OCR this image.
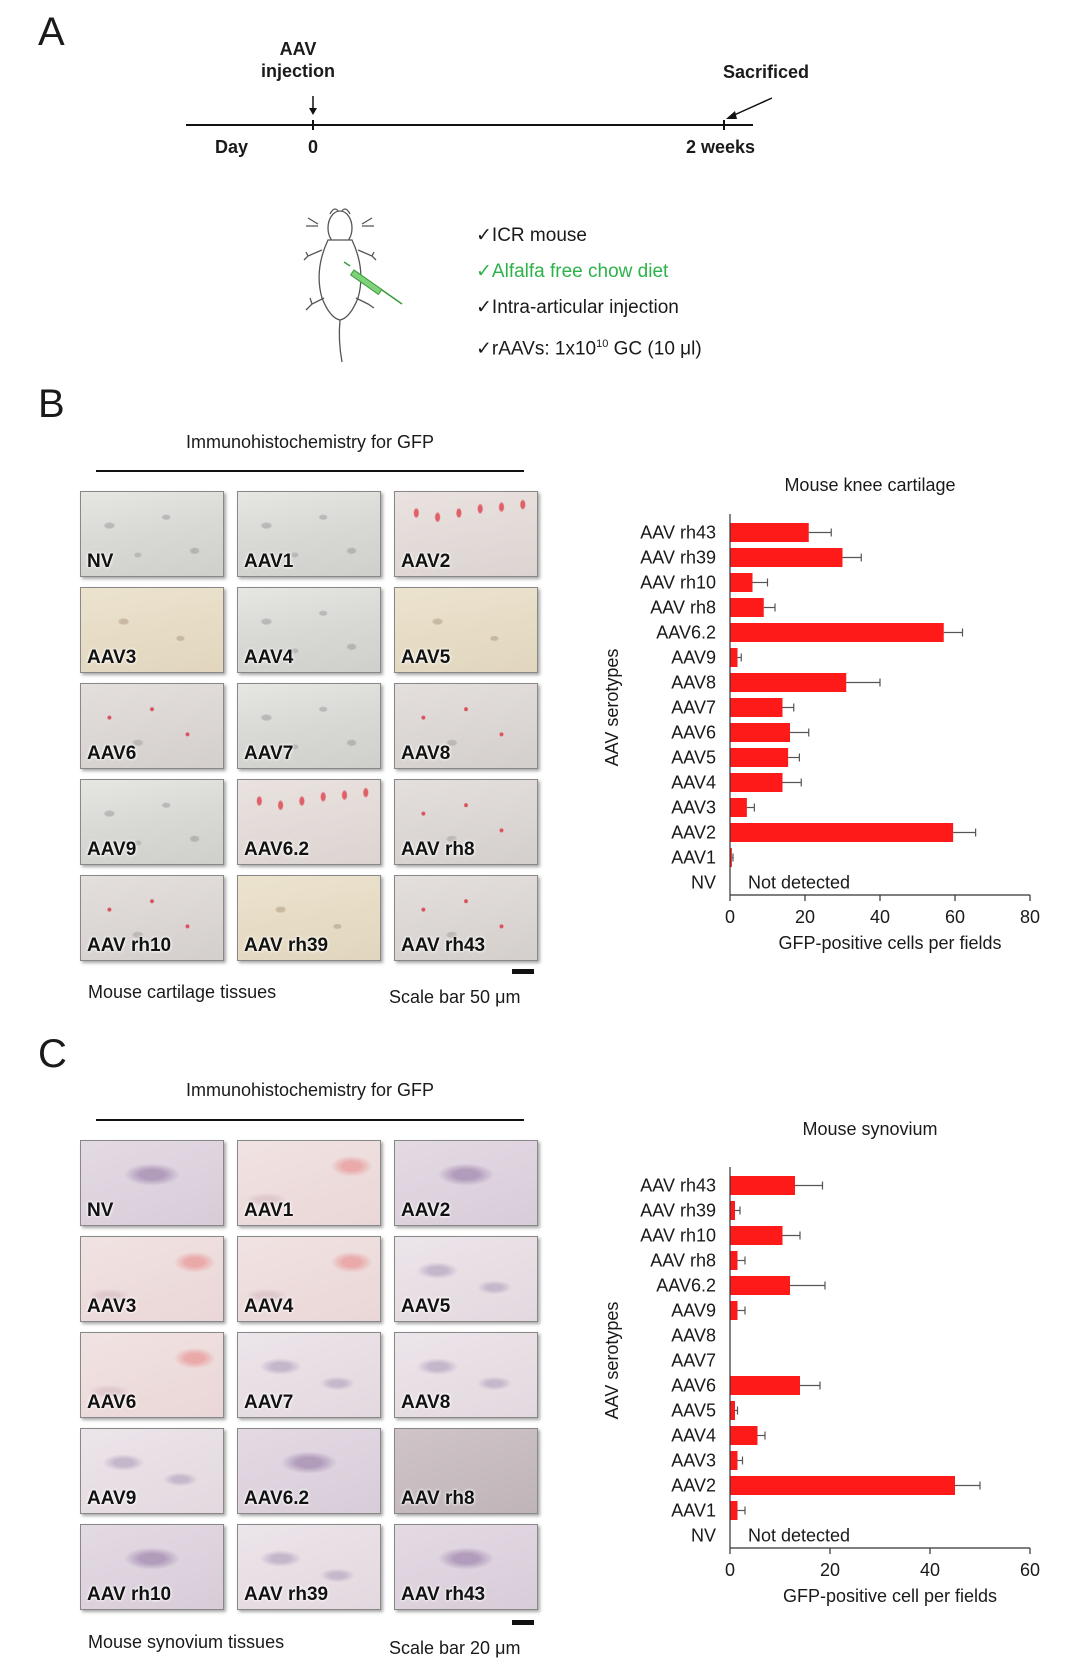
A	AAV
injection	Sacrificed
Day	0	2 weeks
✓ICR mouse
✓Alfalfa free chow diet
✓Intra-articular injection
✓rAAVs: $1x10^{10}$ GC (10 μl)
B
Immunohistochemistry for GFP
NV	AAV1	AAV2
AAV3	AAV4	AAV5
AAV6	AAV7	AAV8
AAV9	AAV6.2	AAV rh8
AAV rh10	AAV rh39	AAV rh43
Mouse cartilage tissues	Scale bar 50 μm
Mouse knee cartilage
AAV rh43
AAV rh39
AAV rh10
AAV rh8
AAV6.2
AAV9
AAV8
AAV7
AAV6
AAV5
AAV4
AAV3
AAV2
AAV1
NV
0	20	40	60	80
GFP-positive cells per fields
AAV serotypes
Not detected
C
Immunohistochemistry for GFP
NV	AAV1	AAV2
AAV3	AAV4	AAV5
AAV6	AAV7	AAV8
AAV9	AAV6.2	AAV rh8
AAV rh10	AAV rh39	AAV rh43
Mouse synovium tissues	Scale bar 20 μm
Mouse synovium
AAV rh43
AAV rh39
AAV rh10
AAV rh8
AAV6.2
AAV9
AAV8
AAV7
AAV6
AAV5
AAV4
AAV3
AAV2
AAV1
NV
0	20	40	60
GFP-positive cell per fields
AAV serotypes
Not detected
